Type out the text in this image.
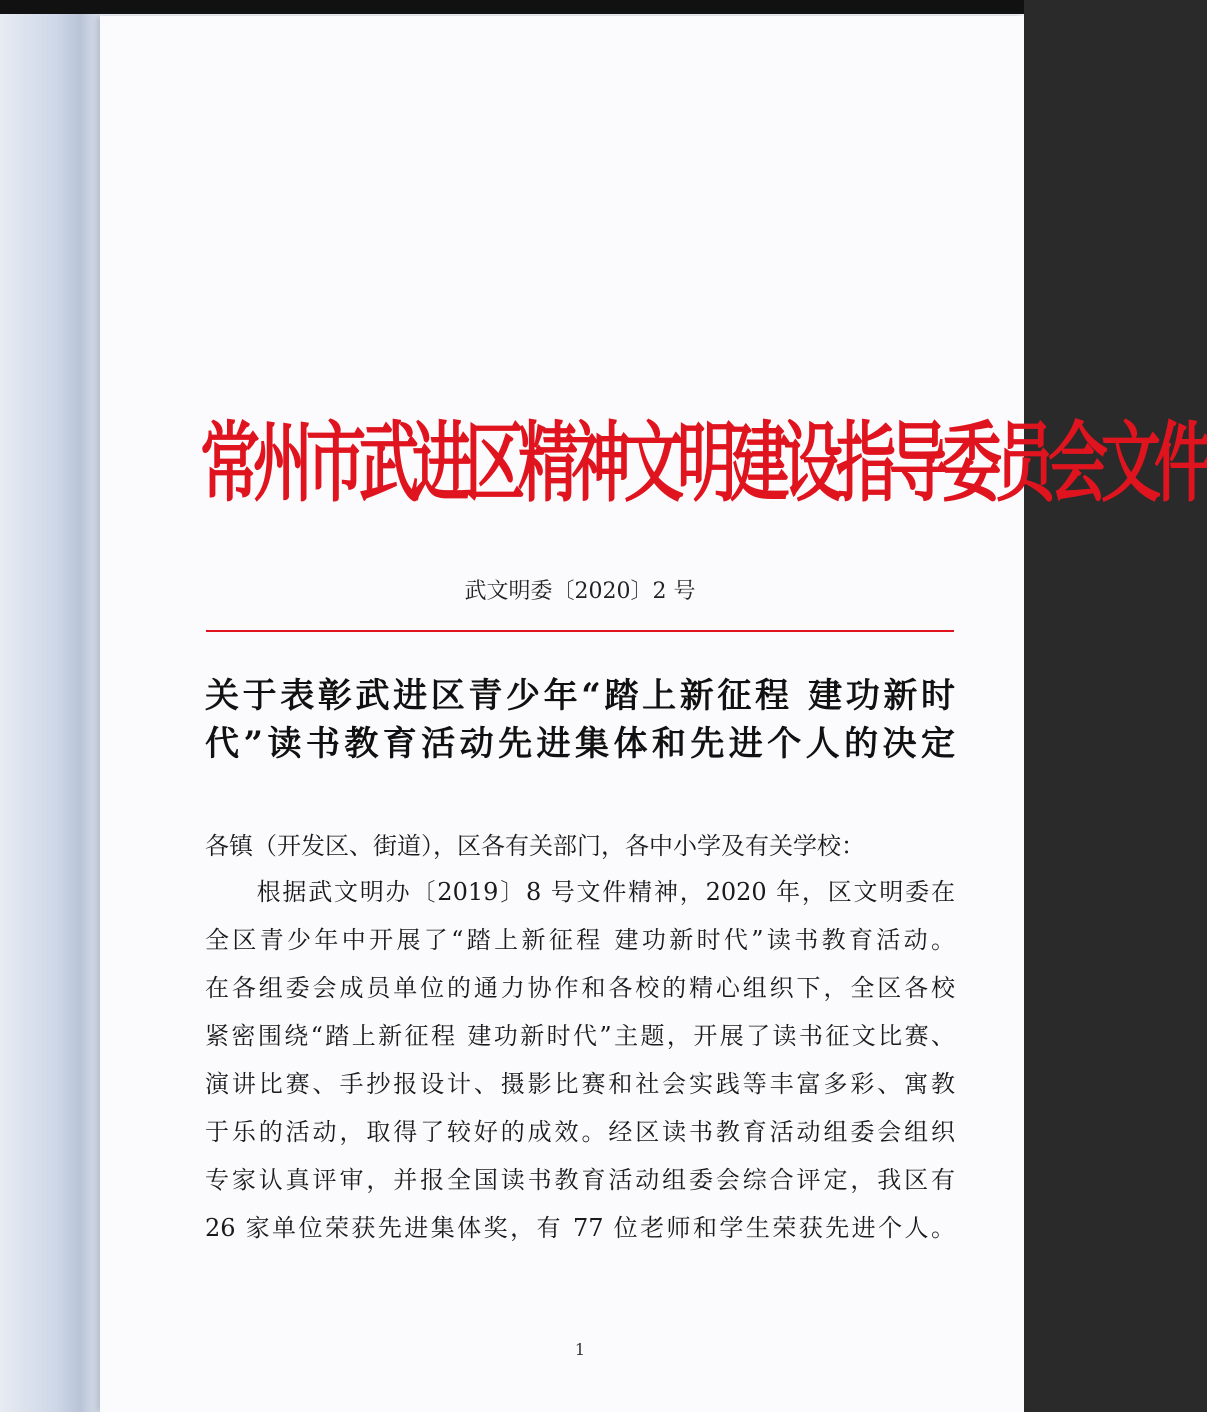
常州市武进区精神文明建设指导委员会文件
武文明委〔2020〕2 号
关于表彰武进区青少年“踏上新征程 建功新时
代”读书教育活动先进集体和先进个人的决定
各镇（开发区、街道），区各有关部门，各中小学及有关学校：
　　根据武文明办〔2019〕8 号文件精神，2020 年，区文明委在
全区青少年中开展了“踏上新征程 建功新时代”读书教育活动。
在各组委会成员单位的通力协作和各校的精心组织下，全区各校
紧密围绕“踏上新征程 建功新时代”主题，开展了读书征文比赛、
演讲比赛、手抄报设计、摄影比赛和社会实践等丰富多彩、寓教
于乐的活动，取得了较好的成效。经区读书教育活动组委会组织
专家认真评审，并报全国读书教育活动组委会综合评定，我区有
26 家单位荣获先进集体奖，有 77 位老师和学生荣获先进个人。
1
